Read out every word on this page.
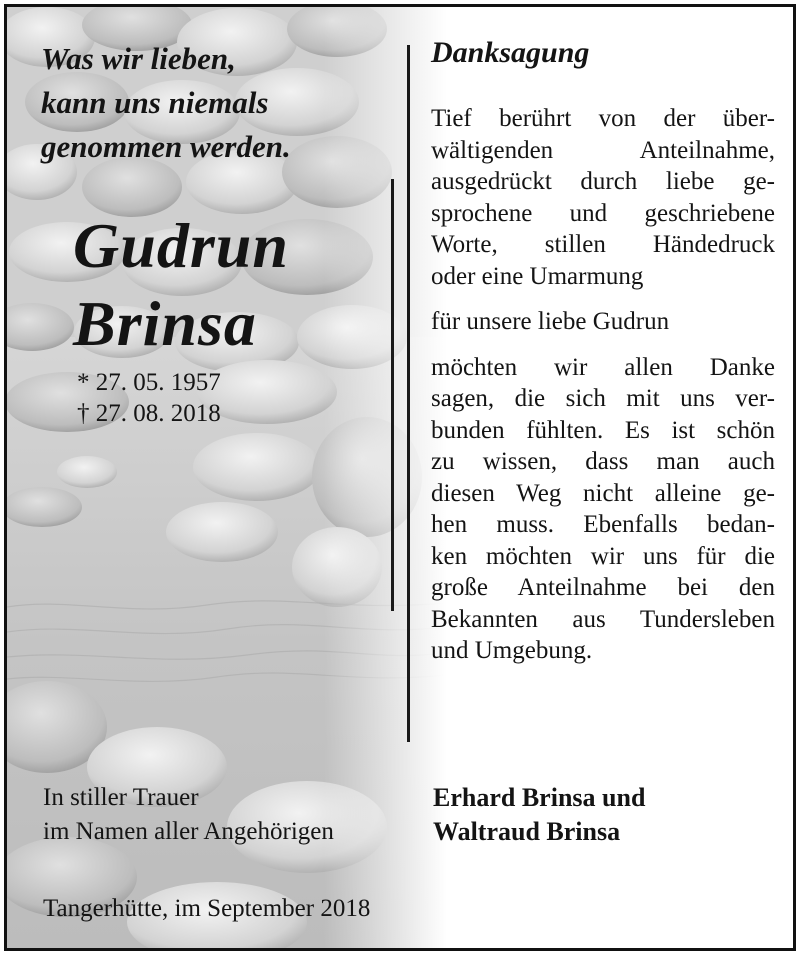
Was wir lieben,
kann uns niemals
genommen werden.
Gudrun
Brinsa
* 27. 05. 1957
† 27. 08. 2018
Danksagung
Tief berührt von der über-
wältigenden Anteilnahme,
ausgedrückt durch liebe ge-
sprochene und geschriebene
Worte, stillen Händedruck
oder eine Umarmung
für unsere liebe Gudrun
möchten wir allen Danke
sagen, die sich mit uns ver-
bunden fühlten. Es ist schön
zu wissen, dass man auch
diesen Weg nicht alleine ge-
hen muss. Ebenfalls bedan-
ken möchten wir uns für die
große Anteilnahme bei den
Bekannten aus Tundersleben
und Umgebung.
In stiller Trauer
im Namen aller Angehörigen
Erhard Brinsa und
Waltraud Brinsa
Tangerhütte, im September 2018
